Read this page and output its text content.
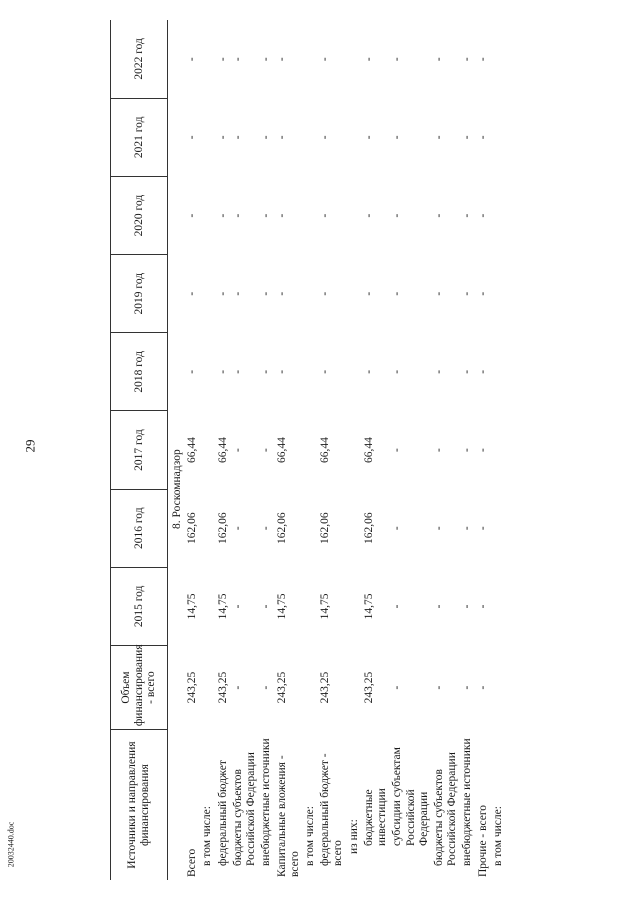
29
20032440.doc	Источники и направления финансирования	Объем финансирования - всего	2015 год	2016 год	2017 год	2018 год	2019 год	2020 год	2021 год	2022 год
			8. Роскомнадзор						
Всего	243,25	14,75	162,06	66,44	-	-	-	-	-
в том числе:									
федеральный бюджет	243,25	14,75	162,06	66,44	-	-	-	-	-
бюджеты субъектов Российской Федерации	-	-	-	-	-	-	-	-	-
внебюджетные источники	-	-	-	-	-	-	-	-	-
Капитальные вложения - всего	243,25	14,75	162,06	66,44	-	-	-	-	-
в том числе:									
федеральный бюджет - всего	243,25	14,75	162,06	66,44	-	-	-	-	-
из них:									
бюджетные инвестиции	243,25	14,75	162,06	66,44	-	-	-	-	-
субсидии субъектам Российской Федерации	-	-	-	-	-	-	-	-	-
бюджеты субъектов Российской Федерации	-	-	-	-	-	-	-	-	-
внебюджетные источники	-	-	-	-	-	-	-	-	-
Прочие - всего	-	-	-	-	-	-	-	-	-
в том числе:									
